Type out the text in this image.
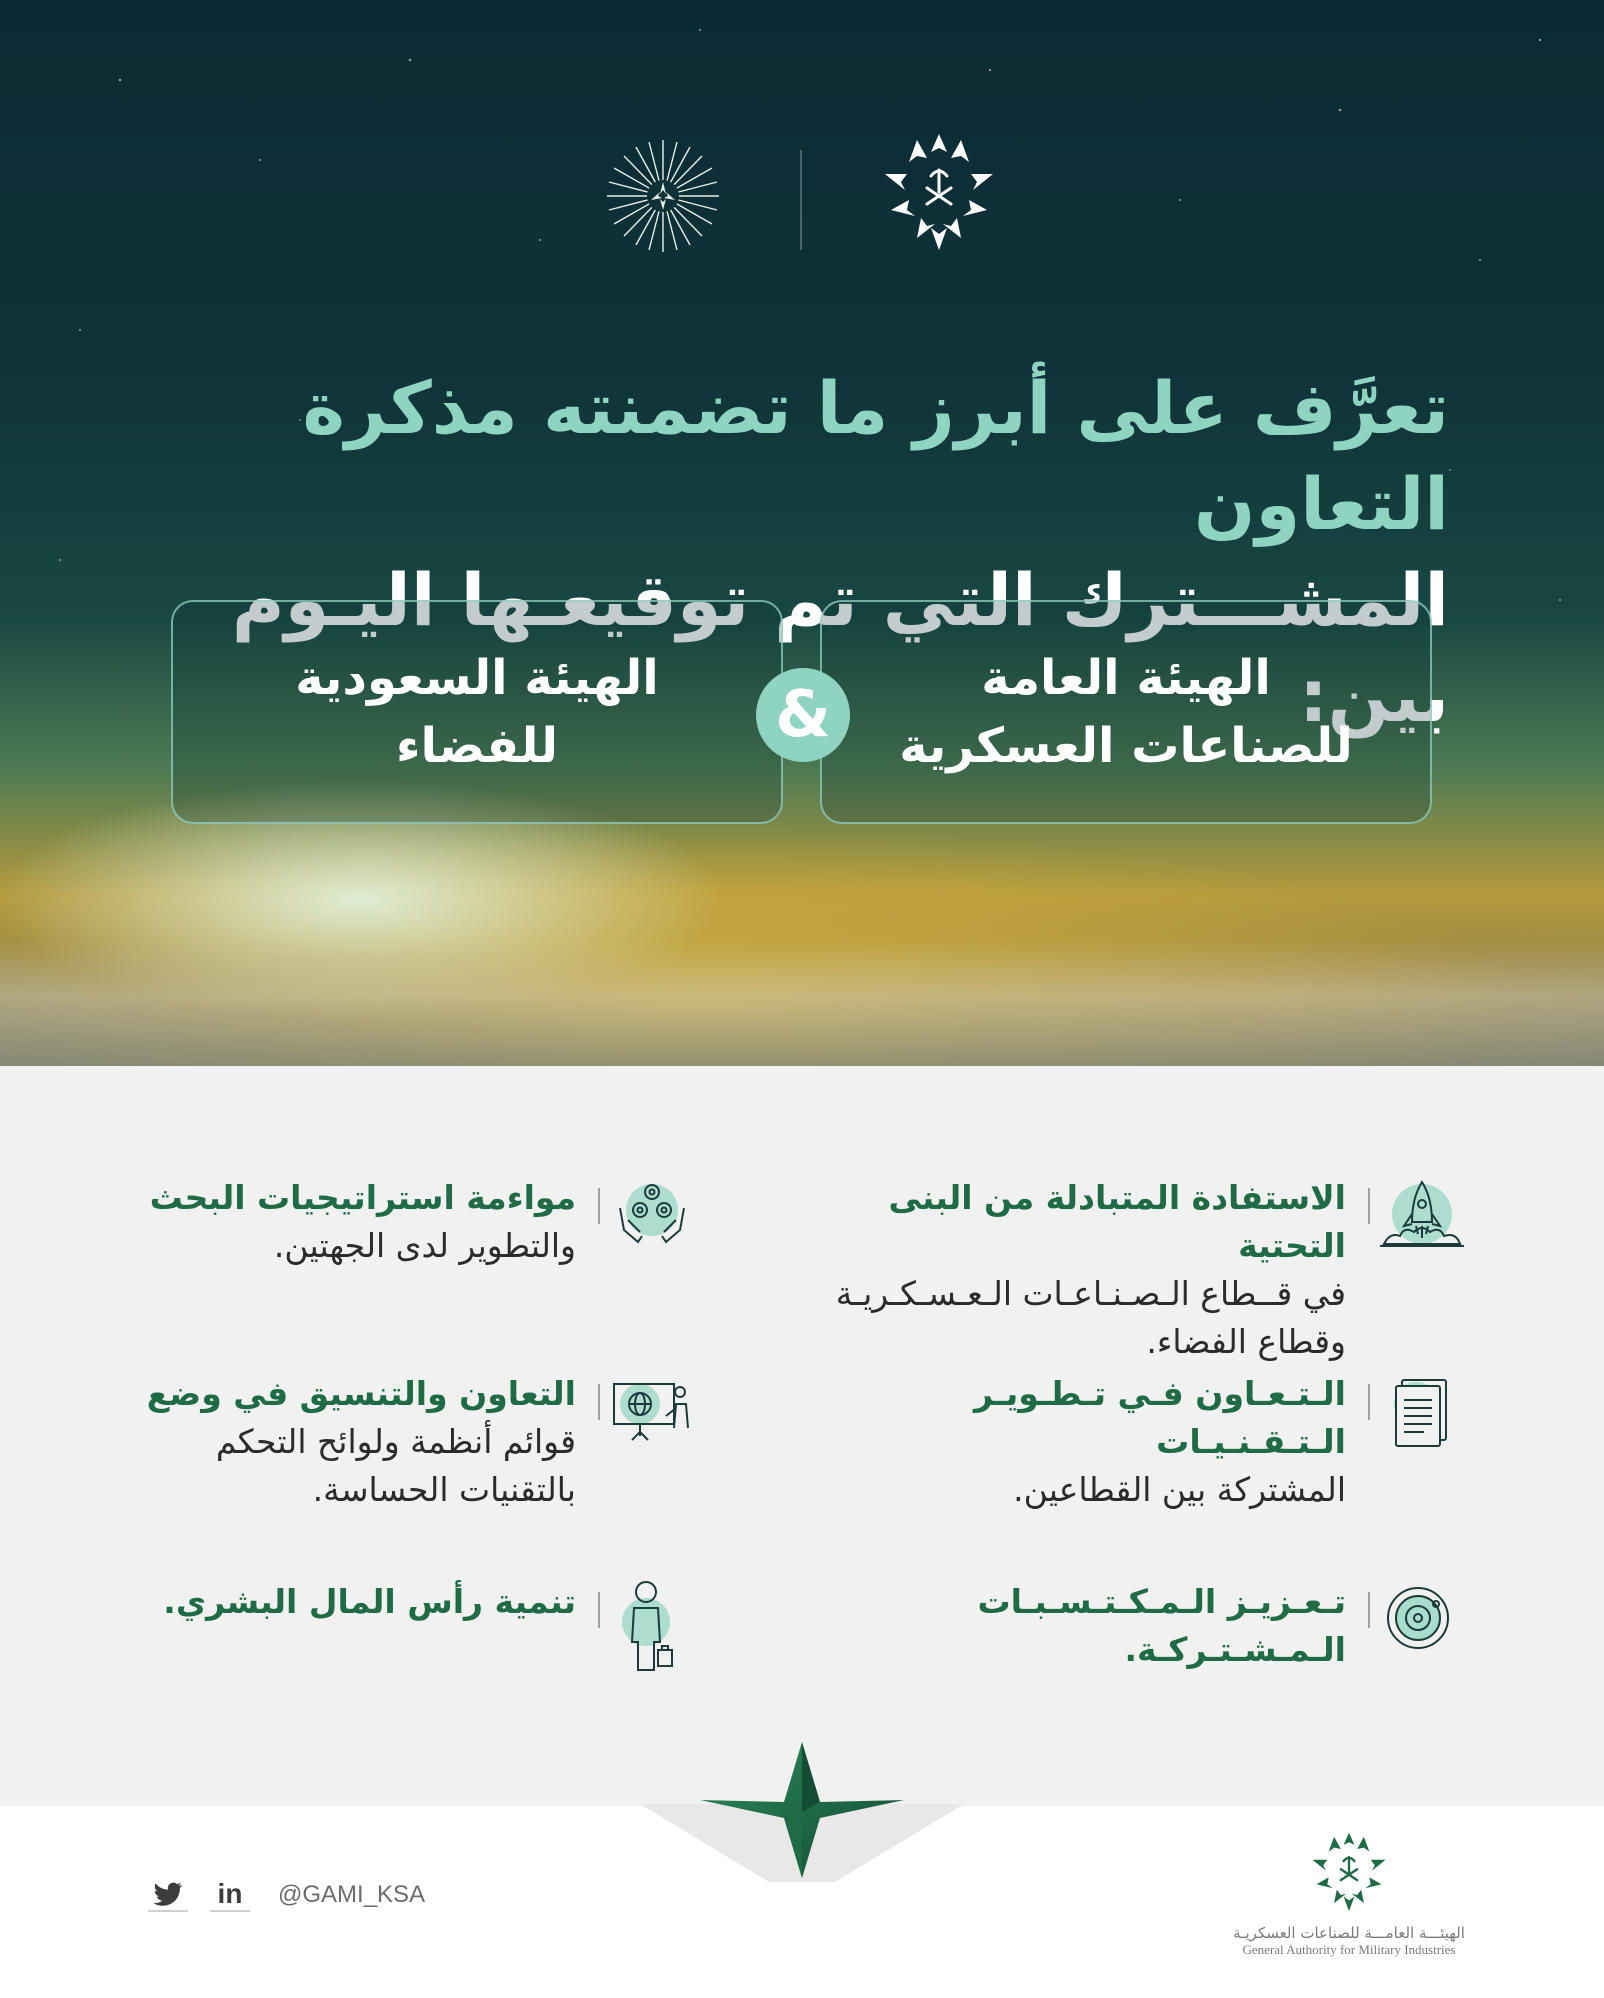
تعرَّف على أبرز ما تضمنته مذكرة التعاون
المشـــترك التي تم توقيعـها اليـوم بين:
الهيئة العامة للصناعات العسكرية
الهيئة السعودية للفضاء	&
الاستفادة المتبادلة من البنى التحتية
في قــطاع الـصـنـاعـات الـعـسـكـريـة وقطاع الفضاء.
مواءمة استراتيجيات البحث
والتطوير لدى الجهتين.
الـتـعـاون فـي تـطـويـر الـتـقـنـيـات
المشتركة بين القطاعين.
التعاون والتنسيق في وضع
قوائم أنظمة ولوائح التحكم بالتقنيات الحساسة.
تـعـزيـز الـمـكـتـسـبـات الـمـشـتـركـة.
تنمية رأس المال البشري.
in @GAMI_KSA
الهيئـــة العامـــة للصناعات العسكريـة
General Authority for Military Industries
